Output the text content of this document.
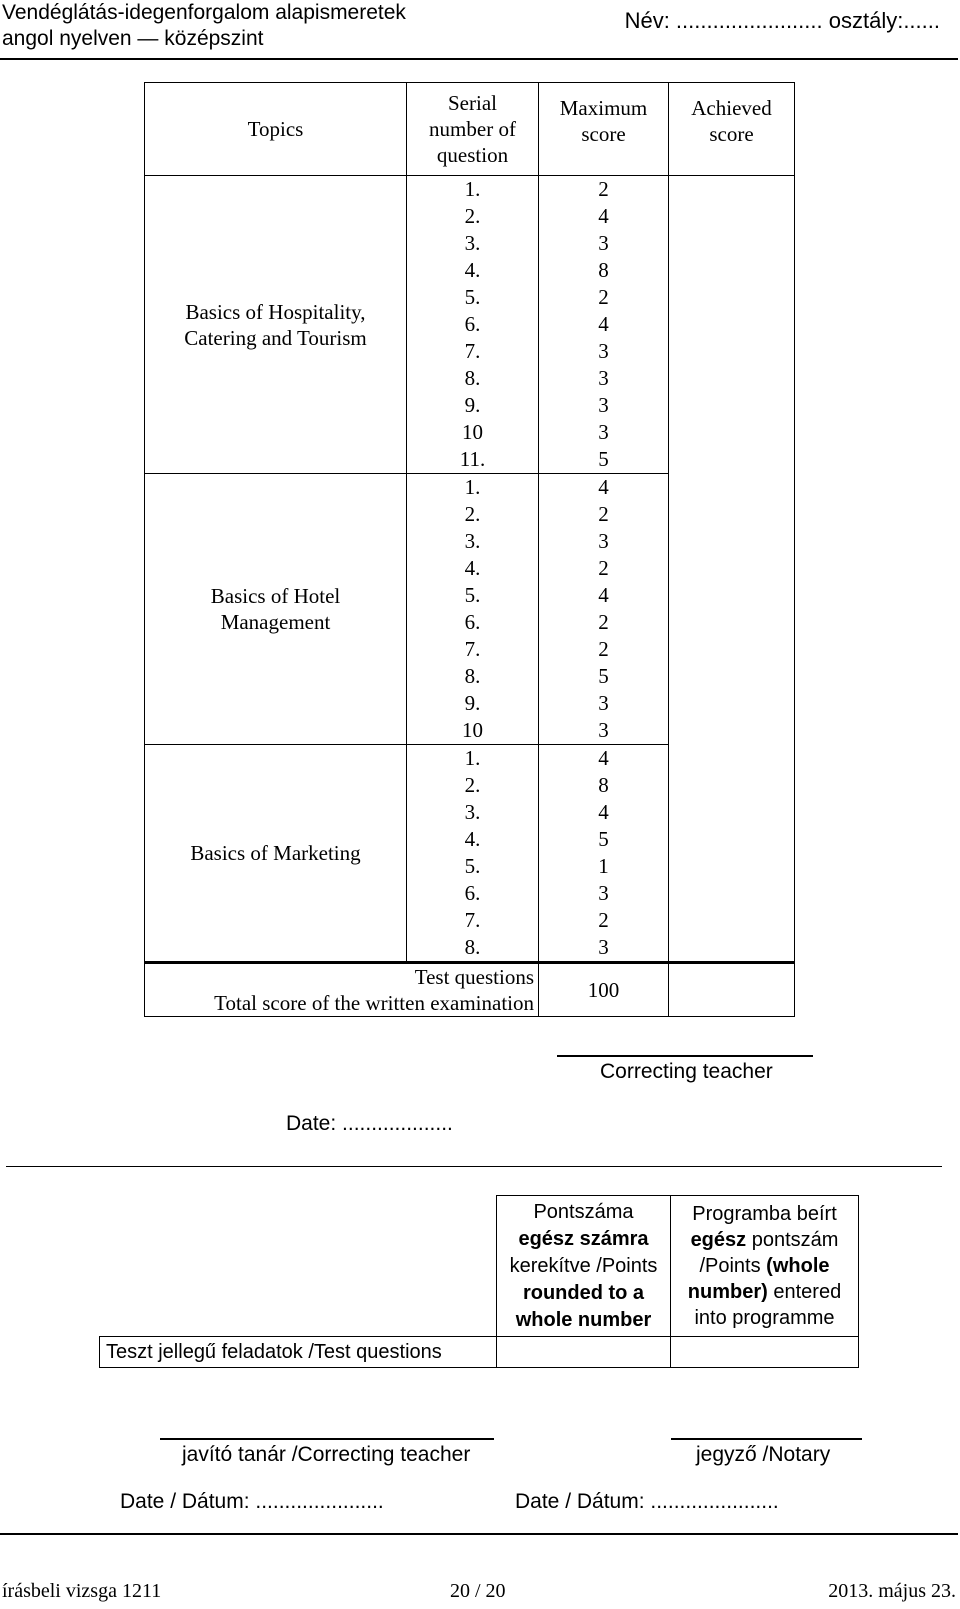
Vendéglátás-idegenforgalom alapismeretek
angol nyelven — középszint
Név: ........................ osztály:......
Topics	Serial number of question	Maximum score	Achieved score
Basics of Hospitality, Catering and Tourism	1.	2	
	2.	4	
	3.	3	
	4.	8	
	5.	2	
	6.	4	
	7.	3	
	8.	3	
	9.	3	
	10	3	
	11.	5	
Basics of Hotel Management	1.	4	
	2.	2	
	3.	3	
	4.	2	
	5.	4	
	6.	2	
	7.	2	
	8.	5	
	9.	3	
	10	3	
Basics of Marketing	1.	4	
	2.	8	
	3.	4	
	4.	5	
	5.	1	
	6.	3	
	7.	2	
	8.	3	

Test questions
Total score of the written examination		100	
Correcting teacher
Date: ...................
	Pontszáma egész számra kerekítve /Points rounded to a whole number	Programba beírt egész pontszám /Points (whole number) entered into programme
Teszt jellegű feladatok /Test questions		
javító tanár /Correcting teacher	jegyző /Notary
Date / Dátum: ......................	Date / Dátum: ......................
írásbeli vizsga 1211	20 / 20	2013. május 23.
